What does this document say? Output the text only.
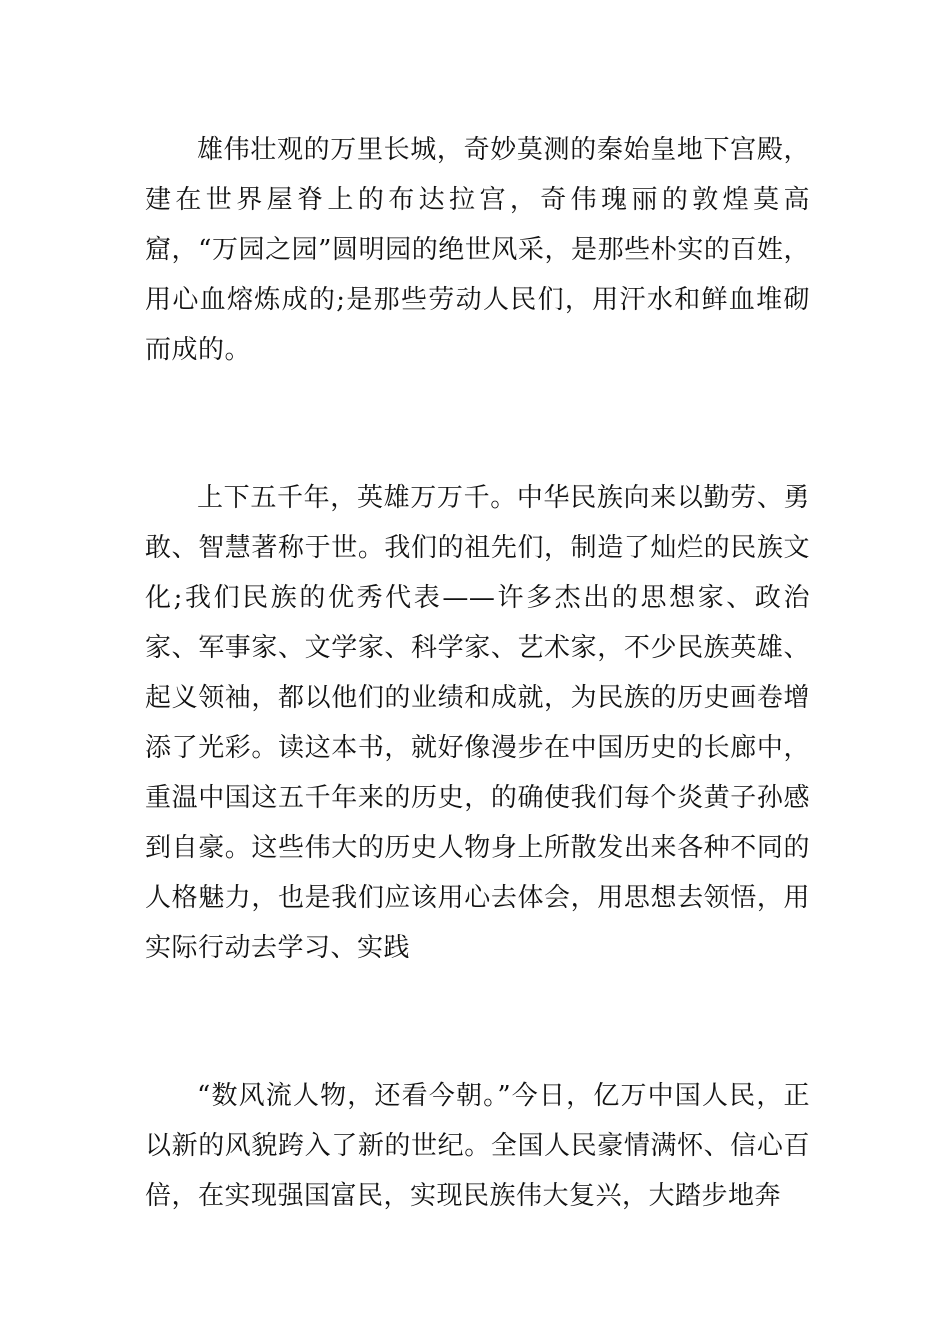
雄伟壮观的万里长城，奇妙莫测的秦始皇地下宫殿，建在世界屋脊上的布达拉宫，奇伟瑰丽的敦煌莫高窟，“万园之园”圆明园的绝世风采，是那些朴实的百姓，用心血熔炼成的;是那些劳动人民们，用汗水和鲜血堆砌而成的。

上下五千年，英雄万万千。中华民族向来以勤劳、勇敢、智慧著称于世。我们的祖先们，制造了灿烂的民族文化;我们民族的优秀代表——许多杰出的思想家、政治家、军事家、文学家、科学家、艺术家，不少民族英雄、起义领袖，都以他们的业绩和成就，为民族的历史画卷增添了光彩。读这本书，就好像漫步在中国历史的长廊中，重温中国这五千年来的历史，的确使我们每个炎黄子孙感到自豪。这些伟大的历史人物身上所散发出来各种不同的人格魅力，也是我们应该用心去体会，用思想去领悟，用实际行动去学习、实践

“数风流人物，还看今朝。”今日，亿万中国人民，正以新的风貌跨入了新的世纪。全国人民豪情满怀、信心百倍，在实现强国富民，实现民族伟大复兴，大踏步地奔
